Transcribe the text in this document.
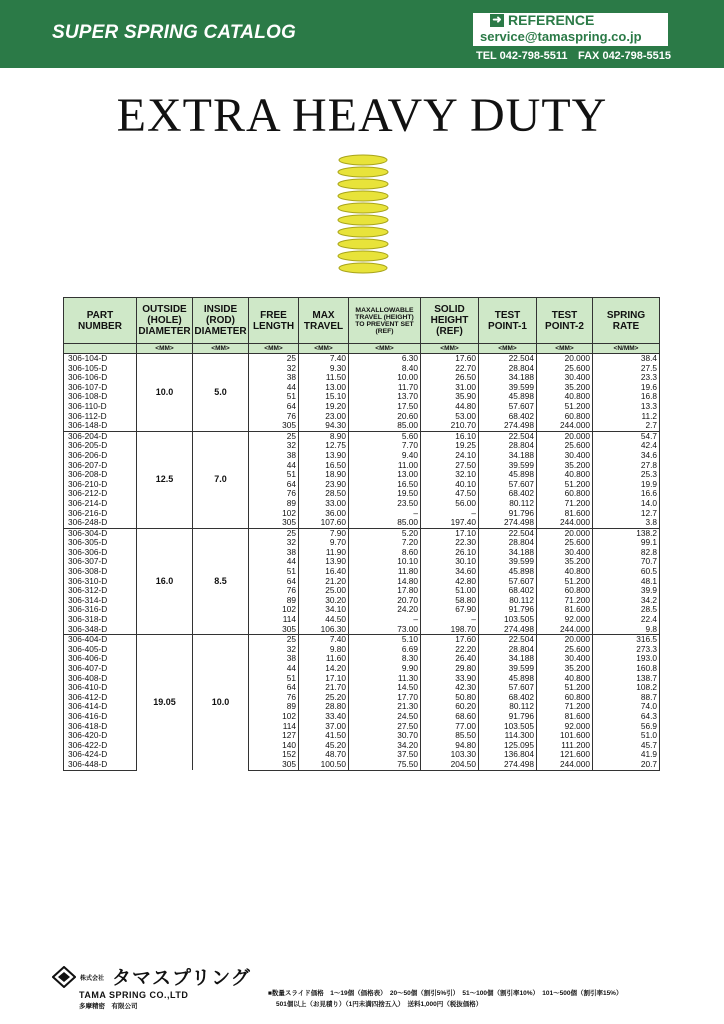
SUPER SPRING CATALOG
➜ REFERENCE
service@tamaspring.co.jp
TEL 042-798-5511 FAX 042-798-5515
EXTRA HEAVY DUTY
PART NUMBER	OUTSIDE (HOLE) DIAMETER	INSIDE (ROD) DIAMETER	FREE LENGTH	MAX TRAVEL	MAXALLOWABLE TRAVEL (HEIGHT) TO PREVENT SET (REF)	SOLID HEIGHT (REF)	TEST POINT-1	TEST POINT-2	SPRING RATE
	<MM>	<MM>	<MM>	<MM>	<MM>	<MM>	<MM>	<MM>	<N/MM>
306-104-D	10.0	5.0	25	7.40	6.30	17.60	22.504	20.000	38.4
306-105-D			32	9.30	8.40	22.70	28.804	25.600	27.5
306-106-D			38	11.50	10.00	26.50	34.188	30.400	23.3
306-107-D			44	13.00	11.70	31.00	39.599	35.200	19.6
306-108-D			51	15.10	13.70	35.90	45.898	40.800	16.8
306-110-D			64	19.20	17.50	44.80	57.607	51.200	13.3
306-112-D			76	23.00	20.60	53.00	68.402	60.800	11.2
306-148-D			305	94.30	85.00	210.70	274.498	244.000	2.7
306-204-D	12.5	7.0	25	8.90	5.60	16.10	22.504	20.000	54.7
306-205-D			32	12.75	7.70	19.25	28.804	25.600	42.4
306-206-D			38	13.90	9.40	24.10	34.188	30.400	34.6
306-207-D			44	16.50	11.00	27.50	39.599	35.200	27.8
306-208-D			51	18.90	13.00	32.10	45.898	40.800	25.3
306-210-D			64	23.90	16.50	40.10	57.607	51.200	19.9
306-212-D			76	28.50	19.50	47.50	68.402	60.800	16.6
306-214-D			89	33.00	23.50	56.00	80.112	71.200	14.0
306-216-D			102	36.00	–	–	91.796	81.600	12.7
306-248-D			305	107.60	85.00	197.40	274.498	244.000	3.8
306-304-D	16.0	8.5	25	7.90	5.20	17.10	22.504	20.000	138.2
306-305-D			32	9.70	7.20	22.30	28.804	25.600	99.1
306-306-D			38	11.90	8.60	26.10	34.188	30.400	82.8
306-307-D			44	13.90	10.10	30.10	39.599	35.200	70.7
306-308-D			51	16.40	11.80	34.60	45.898	40.800	60.5
306-310-D			64	21.20	14.80	42.80	57.607	51.200	48.1
306-312-D			76	25.00	17.80	51.00	68.402	60.800	39.9
306-314-D			89	30.20	20.70	58.80	80.112	71.200	34.2
306-316-D			102	34.10	24.20	67.90	91.796	81.600	28.5
306-318-D			114	44.50	–	–	103.505	92.000	22.4
306-348-D			305	106.30	73.00	198.70	274.498	244.000	9.8
306-404-D	19.05	10.0	25	7.40	5.10	17.60	22.504	20.000	316.5
306-405-D			32	9.80	6.69	22.20	28.804	25.600	273.3
306-406-D			38	11.60	8.30	26.40	34.188	30.400	193.0
306-407-D			44	14.20	9.90	29.80	39.599	35.200	160.8
306-408-D			51	17.10	11.30	33.90	45.898	40.800	138.7
306-410-D			64	21.70	14.50	42.30	57.607	51.200	108.2
306-412-D			76	25.20	17.70	50.80	68.402	60.800	88.7
306-414-D			89	28.80	21.30	60.20	80.112	71.200	74.0
306-416-D			102	33.40	24.50	68.60	91.796	81.600	64.3
306-418-D			114	37.00	27.50	77.00	103.505	92.000	56.9
306-420-D			127	41.50	30.70	85.50	114.300	101.600	51.0
306-422-D			140	45.20	34.20	94.80	125.095	111.200	45.7
306-424-D			152	48.70	37.50	103.30	136.804	121.600	41.9
306-448-D			305	100.50	75.50	204.50	274.498	244.000	20.7
株式会社 タマスプリング
TAMA SPRING CO.,LTD
多摩精密　有限公司
■数量スライド価格　1～19個（価格表）　20～50個（割引5%引）　51～100個（割引率10%）　101～500個（割引率15%）
501個以上（お見積り）（1円未満四捨五入）　送料1,000円（税抜価格）
